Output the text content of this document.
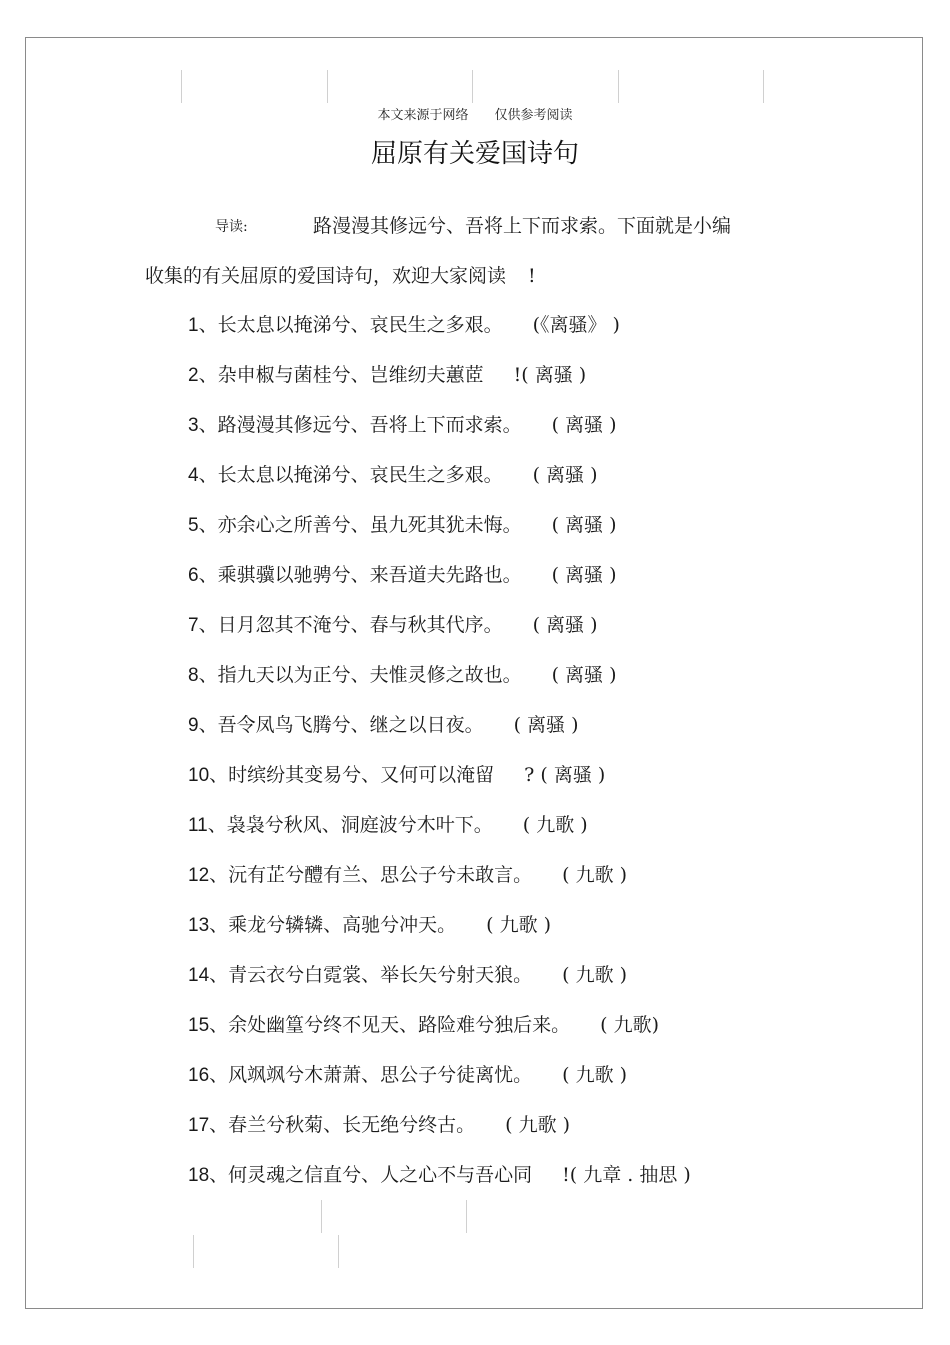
本文来源于网络 仅供参考阅读
屈原有关爱国诗句
导读:	路漫漫其修远兮、吾将上下而求索。下面就是小编
收集的有关屈原的爱国诗句，欢迎大家阅读 !
1、长太息以掩涕兮、哀民生之多艰。 (《离骚》 )
2、杂申椒与菌桂兮、岂维纫夫蕙茝 !( 离骚 )
3、路漫漫其修远兮、吾将上下而求索。 ( 离骚 )
4、长太息以掩涕兮、哀民生之多艰。 ( 离骚 )
5、亦余心之所善兮、虽九死其犹未悔。 ( 离骚 )
6、乘骐骥以驰骋兮、来吾道夫先路也。 ( 离骚 )
7、日月忽其不淹兮、春与秋其代序。 ( 离骚 )
8、指九天以为正兮、夫惟灵修之故也。 ( 离骚 )
9、吾令凤鸟飞腾兮、继之以日夜。 ( 离骚 )
10、时缤纷其变易兮、又何可以淹留 ? ( 离骚 )
11、袅袅兮秋风、洞庭波兮木叶下。 ( 九歌 )
12、沅有芷兮醴有兰、思公子兮未敢言。 ( 九歌 )
13、乘龙兮辚辚、高驰兮冲天。 ( 九歌 )
14、青云衣兮白霓裳、举长矢兮射天狼。 ( 九歌 )
15、余处幽篁兮终不见天、路险难兮独后来。 ( 九歌)
16、风飒飒兮木萧萧、思公子兮徒离忧。 ( 九歌 )
17、春兰兮秋菊、长无绝兮终古。 ( 九歌 )
18、何灵魂之信直兮、人之心不与吾心同 !( 九章 . 抽思 )
